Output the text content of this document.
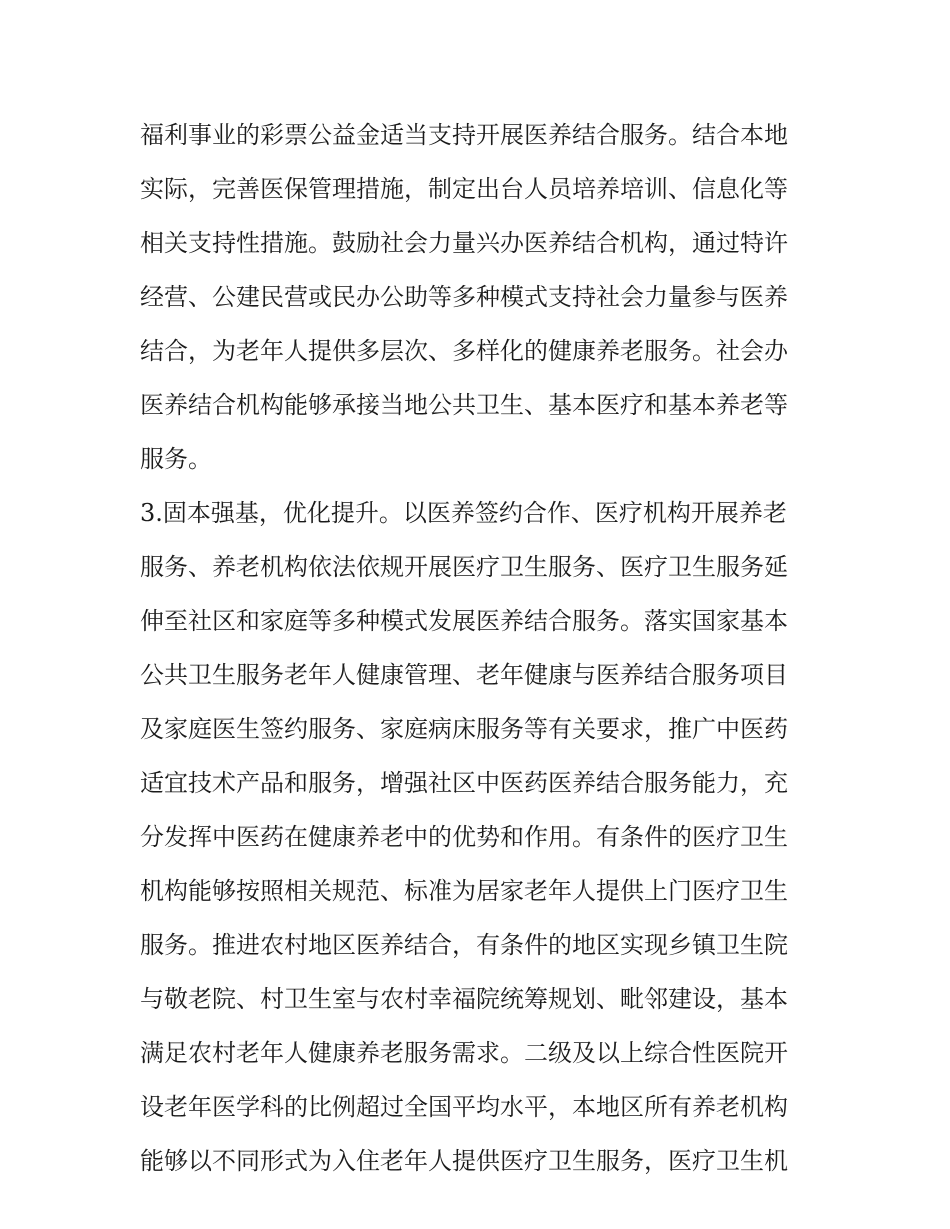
福利事业的彩票公益金适当支持开展医养结合服务。结合本地
实际，完善医保管理措施，制定出台人员培养培训、信息化等
相关支持性措施。鼓励社会力量兴办医养结合机构，通过特许
经营、公建民营或民办公助等多种模式支持社会力量参与医养
结合，为老年人提供多层次、多样化的健康养老服务。社会办
医养结合机构能够承接当地公共卫生、基本医疗和基本养老等
服务。
3.固本强基，优化提升。以医养签约合作、医疗机构开展养老
服务、养老机构依法依规开展医疗卫生服务、医疗卫生服务延
伸至社区和家庭等多种模式发展医养结合服务。落实国家基本
公共卫生服务老年人健康管理、老年健康与医养结合服务项目
及家庭医生签约服务、家庭病床服务等有关要求，推广中医药
适宜技术产品和服务，增强社区中医药医养结合服务能力，充
分发挥中医药在健康养老中的优势和作用。有条件的医疗卫生
机构能够按照相关规范、标准为居家老年人提供上门医疗卫生
服务。推进农村地区医养结合，有条件的地区实现乡镇卫生院
与敬老院、村卫生室与农村幸福院统筹规划、毗邻建设，基本
满足农村老年人健康养老服务需求。二级及以上综合性医院开
设老年医学科的比例超过全国平均水平，本地区所有养老机构
能够以不同形式为入住老年人提供医疗卫生服务，医疗卫生机
